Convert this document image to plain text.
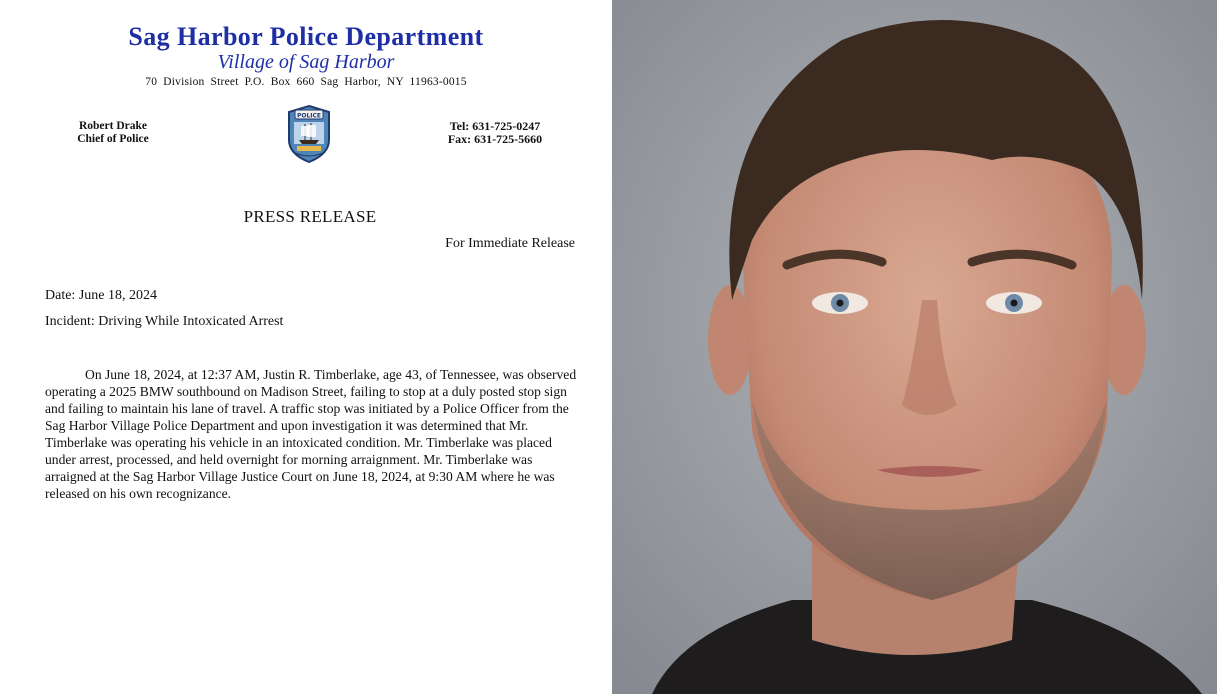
Sag Harbor Police Department
Village of Sag Harbor
70 Division Street P.O. Box 660 Sag Harbor, NY 11963-0015
Robert Drake
Chief of Police
POLICE
Tel: 631-725-0247
Fax: 631-725-5660
PRESS RELEASE
For Immediate Release
Date: June 18, 2024
Incident: Driving While Intoxicated Arrest

On June 18, 2024, at 12:37 AM, Justin R. Timberlake, age 43, of Tennessee, was observed operating a 2025 BMW southbound on Madison Street, failing to stop at a duly posted stop sign and failing to maintain his lane of travel. A traffic stop was initiated by a Police Officer from the Sag Harbor Village Police Department and upon investigation it was determined that Mr. Timberlake was operating his vehicle in an intoxicated condition. Mr. Timberlake was placed under arrest, processed, and held overnight for morning arraignment. Mr. Timberlake was arraigned at the Sag Harbor Village Justice Court on June 18, 2024, at 9:30 AM where he was released on his own recognizance.
